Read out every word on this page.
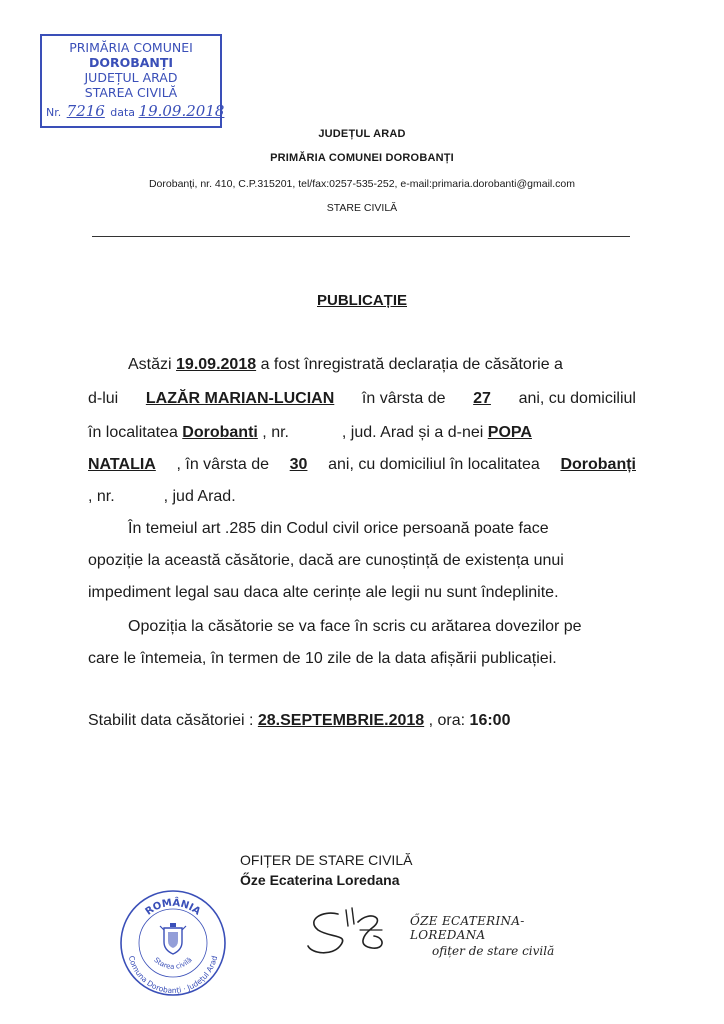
PRIMĂRIA COMUNEI
DOROBANȚI
JUDEȚUL ARAD
STAREA CIVILĂ
Nr. 7216 data 19.09.2018
JUDEȚUL ARAD
PRIMĂRIA COMUNEI DOROBANȚI
Dorobanți, nr. 410, C.P.315201, tel/fax:0257-535-252, e-mail:primaria.dorobanti@gmail.com
STARE CIVILĂ
PUBLICAȚIE
Astăzi 19.09.2018 a fost înregistrată declarația de căsătorie a
d-lui LAZĂR MARIAN-LUCIAN în vârsta de 27 ani, cu domiciliul
în localitatea Dorobanti , nr.	, jud. Arad și a d-nei POPA
NATALIA , în vârsta de 30 ani, cu domiciliul în localitatea Dorobanți
, nr.	, jud Arad.
În temeiul art .285 din Codul civil orice persoană poate face
opoziție la această căsătorie, dacă are cunoștință de existența unui
impediment legal sau daca alte cerințe ale legii nu sunt îndeplinite.
Opoziția la căsătorie se va face în scris cu arătarea dovezilor pe
care le întemeia, în termen de 10 zile de la data afișării publicației.
Stabilit data căsătoriei : 28.SEPTEMBRIE.2018 , ora: 16:00
OFIȚER DE STARE CIVILĂ
Őze Ecaterina Loredana
ROMÂNIA
Comuna Dorobanți · Județul Arad
Starea civilă
ŐZE ECATERINA-LOREDANA
ofițer de stare civilă
